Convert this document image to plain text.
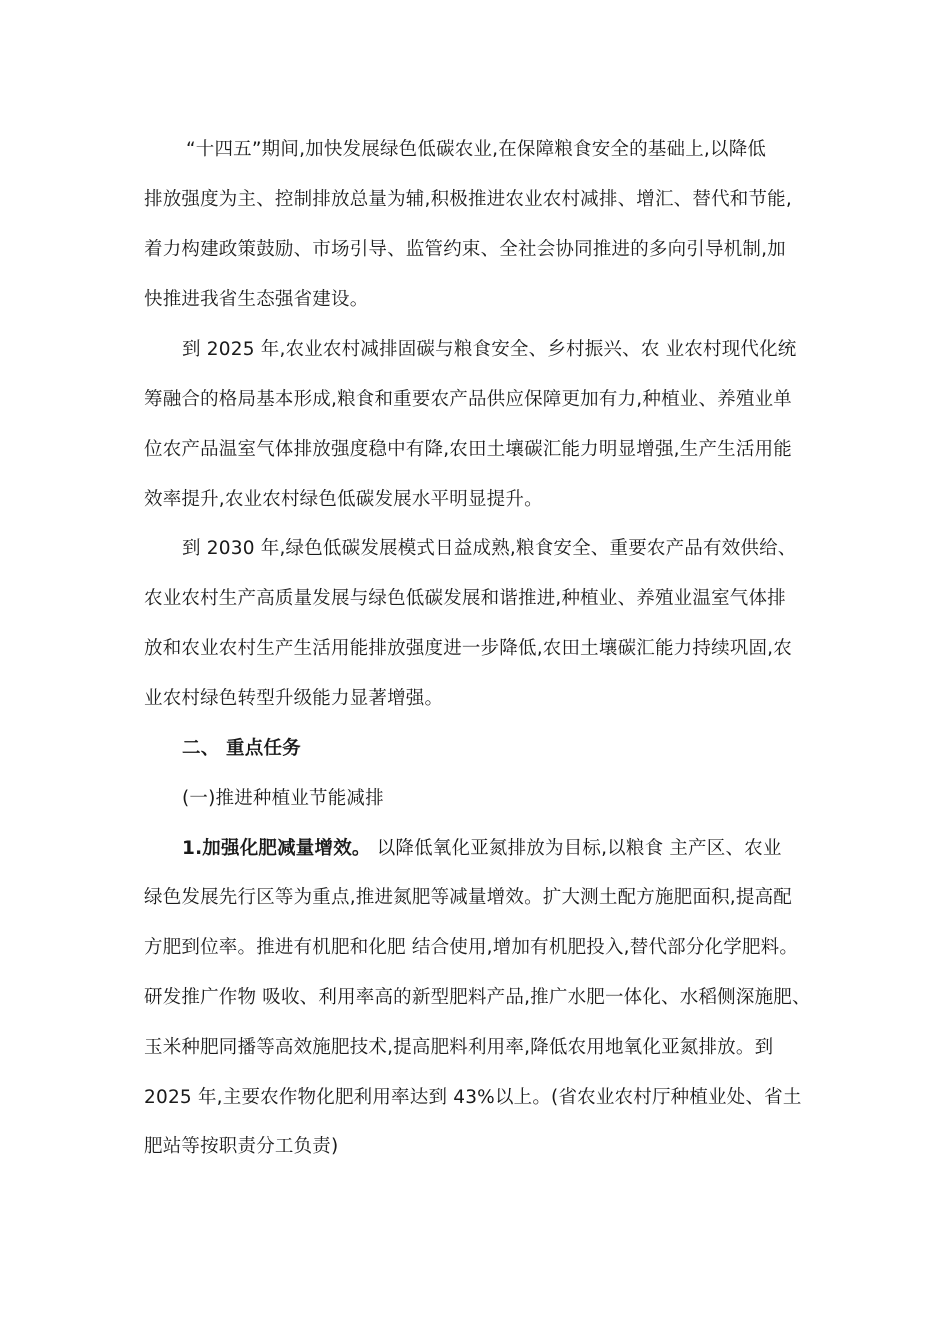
“十四五”期间,加快发展绿色低碳农业,在保障粮食安全的基础上,以降低
排放强度为主、控制排放总量为辅,积极推进农业农村减排、增汇、替代和节能,
着力构建政策鼓励、市场引导、监管约束、全社会协同推进的多向引导机制,加
快推进我省生态强省建设。
到 2025 年,农业农村减排固碳与粮食安全、乡村振兴、农 业农村现代化统
筹融合的格局基本形成,粮食和重要农产品供应保障更加有力,种植业、养殖业单
位农产品温室气体排放强度稳中有降,农田土壤碳汇能力明显增强,生产生活用能
效率提升,农业农村绿色低碳发展水平明显提升。
到 2030 年,绿色低碳发展模式日益成熟,粮食安全、重要农产品有效供给、
农业农村生产高质量发展与绿色低碳发展和谐推进,种植业、养殖业温室气体排
放和农业农村生产生活用能排放强度进一步降低,农田土壤碳汇能力持续巩固,农
业农村绿色转型升级能力显著增强。
二、 重点任务
(一)推进种植业节能减排
1.加强化肥减量增效。 以降低氧化亚氮排放为目标,以粮食 主产区、农业
绿色发展先行区等为重点,推进氮肥等减量增效。扩大测土配方施肥面积,提高配
方肥到位率。推进有机肥和化肥 结合使用,增加有机肥投入,替代部分化学肥料。
研发推广作物 吸收、利用率高的新型肥料产品,推广水肥一体化、水稻侧深施肥、
玉米种肥同播等高效施肥技术,提高肥料利用率,降低农用地氧化亚氮排放。到
2025 年,主要农作物化肥利用率达到 43%以上。(省农业农村厅种植业处、省土
肥站等按职责分工负责)
